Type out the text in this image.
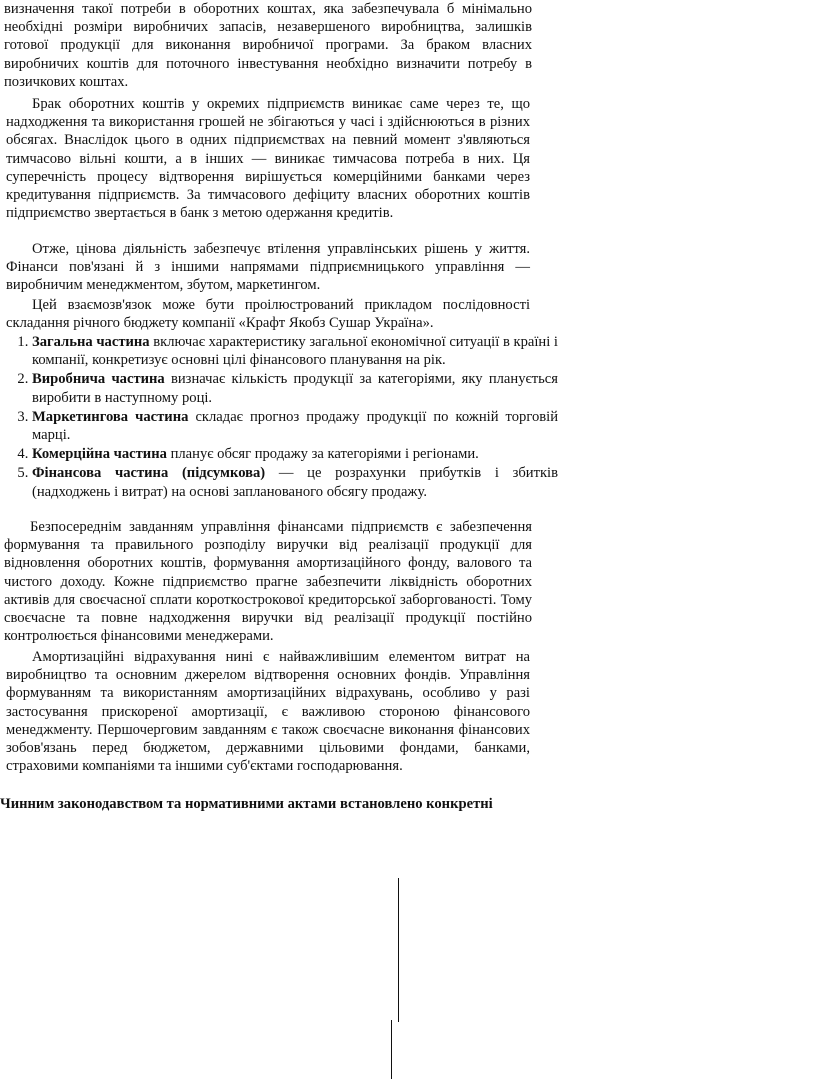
визначення такої потреби в оборотних коштах, яка забезпечувала б мінімально необхідні розміри виробничих запасів, незавершеного виробництва, залишків готової продукції для виконання виробничої програми. За браком власних виробничих коштів для поточного інвестування необхідно визначити потребу в позичкових коштах.
Брак оборотних коштів у окремих підприємств виникає саме через те, що надходження та використання грошей не збігаються у часі і здійснюються в різних обсягах. Внаслідок цього в одних підприємствах на певний момент з'являються тимчасово вільні кошти, а в інших — виникає тимчасова потреба в них. Ця суперечність процесу відтворення вирішується комерційними банками через кредитування підприємств. За тимчасового дефіциту власних оборотних коштів підприємство звертається в банк з метою одержання кредитів.
Отже, цінова діяльність забезпечує втілення управлінських рішень у життя. Фінанси пов'язані й з іншими напрямами підприємницького управління — виробничим менеджментом, збутом, маркетингом.
Цей взаємозв'язок може бути проілюстрований прикладом послідовності складання річного бюджету компанії «Крафт Якобз Сушар Україна».
1. Загальна частина включає характеристику загальної економічної ситуації в країні і компанії, конкретизує основні цілі фінансового планування на рік.
2. Виробнича частина визначає кількість продукції за категоріями, яку планується виробити в наступному році.
3. Маркетингова частина складає прогноз продажу продукції по кожній торговій марці.
4. Комерційна частина планує обсяг продажу за категоріями і регіонами.
5. Фінансова частина (підсумкова) — це розрахунки прибутків і збитків (надходжень і витрат) на основі запланованого обсягу продажу.
Безпосереднім завданням управління фінансами підприємств є забезпечення формування та правильного розподілу виручки від реалізації продукції для відновлення оборотних коштів, формування амортизаційного фонду, валового та чистого доходу. Кожне підприємство прагне забезпечити ліквідність оборотних активів для своєчасної сплати короткострокової кредиторської заборгованості. Тому своєчасне та повне надходження виручки від реалізації продукції постійно контролюється фінансовими менеджерами.
Амортизаційні відрахування нині є найважливішим елементом витрат на виробництво та основним джерелом відтворення основних фондів. Управління формуванням та використанням амортизаційних відрахувань, особливо у разі застосування прискореної амортизації, є важливою стороною фінансового менеджменту. Першочерговим завданням є також своєчасне виконання фінансових зобов'язань перед бюджетом, державними цільовими фондами, банками, страховими компаніями та іншими суб'єктами господарювання.
Чинним законодавством та нормативними актами встановлено конкретні
